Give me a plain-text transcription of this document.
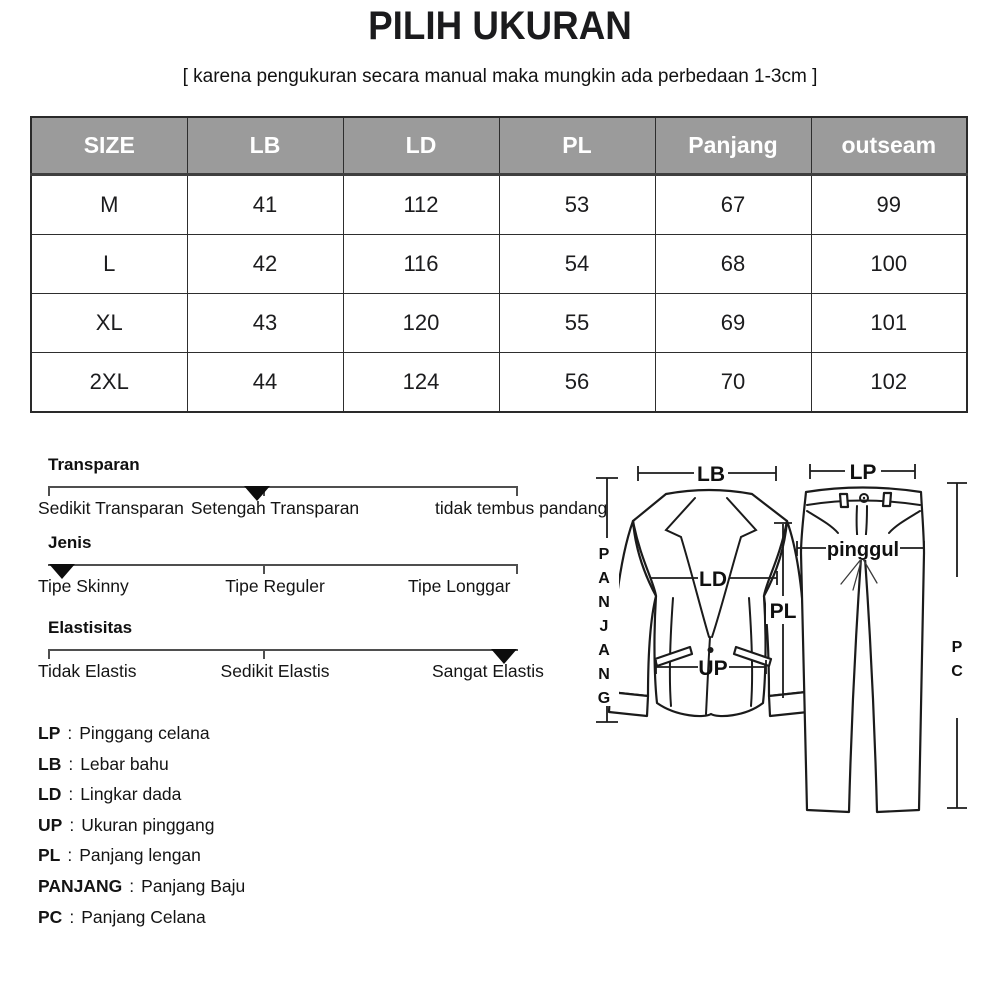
PILIH UKURAN
[ karena pengukuran secara manual maka mungkin ada perbedaan 1-3cm ]
SIZE	LB	LD	PL	Panjang	outseam
M	41	112	53	67	99
L	42	116	54	68	100
XL	43	120	55	69	101
2XL	44	124	56	70	102
Transparan
Sedikit Transparan Setengah Transparan	tidak tembus pandang
Jenis
Tipe Skinny	Tipe Reguler	Tipe Longgar
Elastisitas
Tidak Elastis	Sedikit Elastis	Sangat Elastis
LP : Pinggang celana
LB : Lebar bahu
LD : Lingkar dada
UP : Ukuran pinggang
PL : Panjang lengan
PANJANG : Panjang Baju
PC : Panjang Celana
LB
LD
PL
UP
P
A
N
J
A
N
G
LP
pinggul
P
C
